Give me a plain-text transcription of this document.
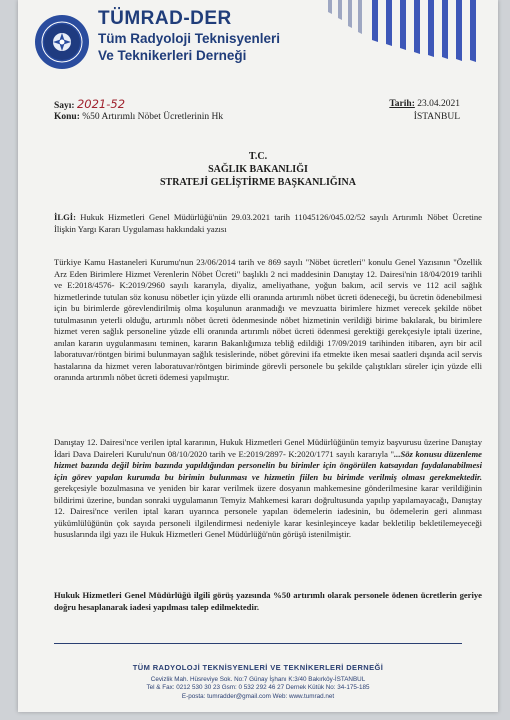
TÜMRAD-DER
Tüm Radyoloji Teknisyenleri
Ve Teknikerleri Derneği
Sayı: 2021-52
Konu: %50 Artırımlı Nöbet Ücretlerinin Hk
Tarih: 23.04.2021
İSTANBUL
T.C.
SAĞLIK BAKANLIĞI
STRATEJİ GELİŞTİRME BAŞKANLIĞINA

İLGİ: Hukuk Hizmetleri Genel Müdürlüğü'nün 29.03.2021 tarih 11045126/045.02/52 sayılı Artırımlı Nöbet Ücretine İlişkin Yargı Kararı Uygulaması hakkındaki yazısı

Türkiye Kamu Hastaneleri Kurumu'nun 23/06/2014 tarih ve 869 sayılı "Nöbet ücretleri" konulu Genel Yazısının "Özellik Arz Eden Birimlere Hizmet Verenlerin Nöbet Ücreti" başlıklı 2 nci maddesinin Danıştay 12. Dairesi'nin 18/04/2019 tarihli ve E:2018/4576- K:2019/2960 sayılı kararıyla, diyaliz, ameliyathane, yoğun bakım, acil servis ve 112 acil sağlık hizmetlerinde tutulan söz konusu nöbetler için yüzde elli oranında artırımlı nöbet ücreti ödeneceği, bu ücretin ödenebilmesi için bu birimlerde görevlendirilmiş olma koşulunun aranmadığı ve mevzuatta birimlere hizmet verecek şekilde nöbet tutulmasının yeterli olduğu, artırımlı nöbet ücreti ödenmesinde nöbet hizmetinin verildiği birime bakılarak, bu birimlere hizmet veren sağlık personeline yüzde elli oranında artırımlı nöbet ücreti ödenmesi gerektiği gerekçesiyle iptali üzerine, anılan kararın uygulanmasını teminen, kararın Bakanlığımıza tebliğ edildiği 17/09/2019 tarihinden itibaren, ayrı bir acil laboratuvar/röntgen birimi bulunmayan sağlık tesislerinde, nöbet görevini ifa etmekte iken mesai saatleri dışında acil servis hastalarına da hizmet veren laboratuvar/röntgen biriminde görevli personele bu şekilde çalıştıkları süreler için yüzde elli oranında artırımlı nöbet ücreti ödemesi yapılmıştır.

Danıştay 12. Dairesi'nce verilen iptal kararının, Hukuk Hizmetleri Genel Müdürlüğünün temyiz başvurusu üzerine Danıştay İdari Dava Daireleri Kurulu'nun 08/10/2020 tarih ve E:2019/2897- K:2020/1771 sayılı kararıyla "...Söz konusu düzenleme hizmet bazında değil birim bazında yapıldığından personelin bu birimler için öngörülen katsayıdan faydalanabilmesi için görev yapılan kurumda bu birimin bulunması ve hizmetin fiilen bu birimde verilmiş olması gerekmektedir. gerekçesiyle bozulmasına ve yeniden bir karar verilmek üzere dosyanın mahkemesine gönderilmesine karar verildiğinin bildirimi üzerine, bundan sonraki uygulamanın Temyiz Mahkemesi kararı doğrultusunda yapılıp yapılamayacağı, Danıştay 12. Dairesi'nce verilen iptal kararı uyarınca personele yapılan ödemelerin iadesinin, bu ödemelerin geri alınması yükümlülüğünün çok sayıda personeli ilgilendirmesi nedeniyle karar kesinleşinceye kadar bekletilip bekletilemeyeceği hususlarında ilgi yazı ile Hukuk Hizmetleri Genel Müdürlüğü'nün görüşü istenilmiştir.

Hukuk Hizmetleri Genel Müdürlüğü ilgili görüş yazısında %50 artırımlı olarak personele ödenen ücretlerin geriye doğru hesaplanarak iadesi yapılması talep edilmektedir.

TÜM RADYOLOJİ TEKNİSYENLERİ VE TEKNİKERLERİ DERNEĞİ
Cevizlik Mah. Hüsreviye Sok. No:7 Günay İşhanı K:3/40 Bakırköy-İSTANBUL
Tel & Fax: 0212 530 30 23 Gsm: 0 532 292 46 27 Dernek Kütük No: 34-175-185
E-posta: tumradder@gmail.com Web: www.tumrad.net
